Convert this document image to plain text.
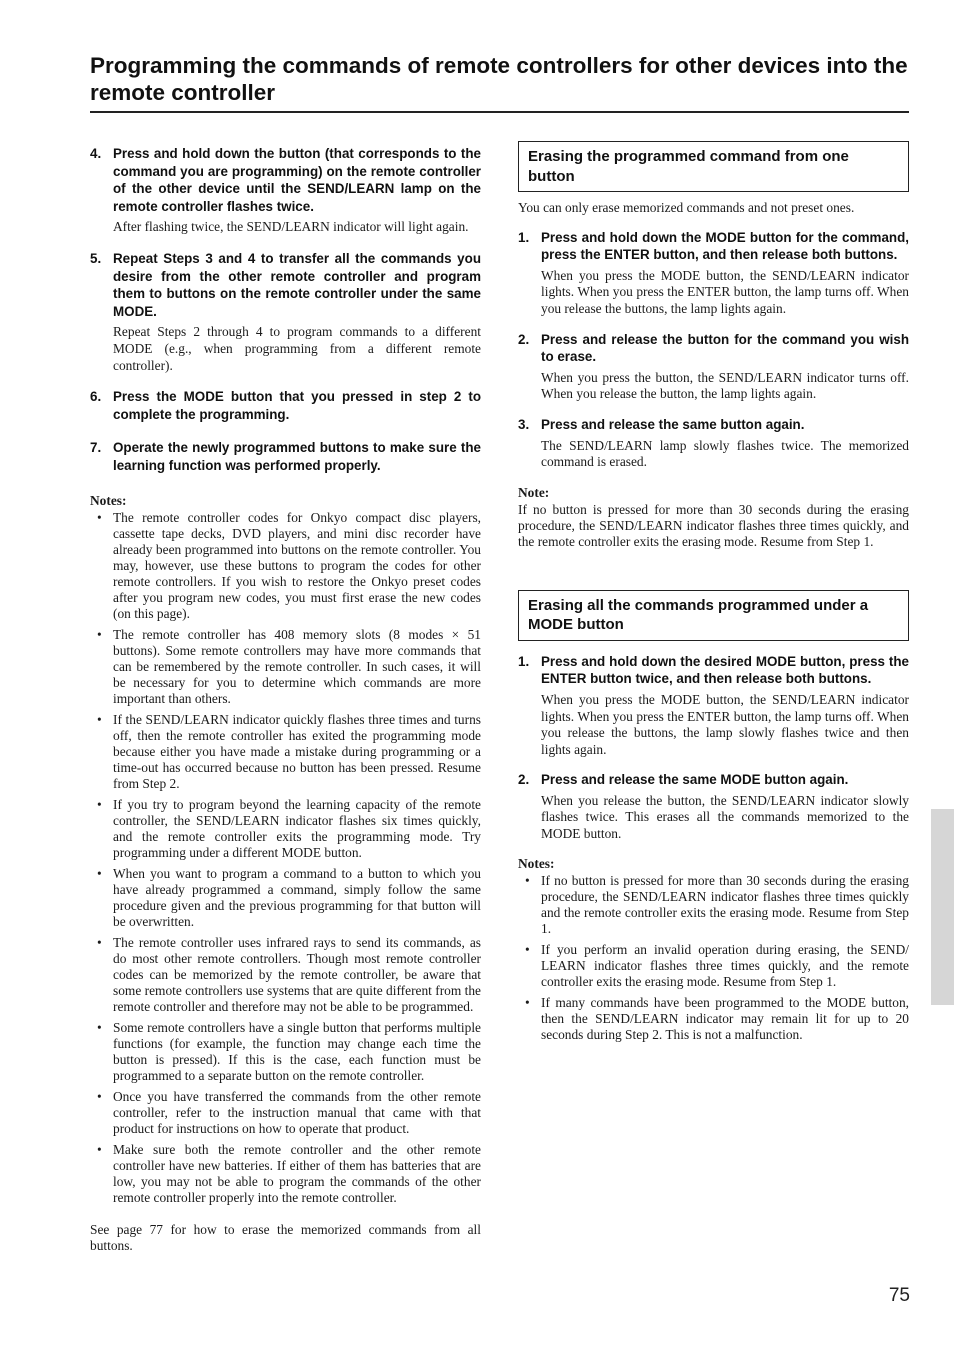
Programming the commands of remote controllers for other devices into the remote controller
4. Press and hold down the button (that corresponds to the command you are programming) on the remote controller of the other device until the SEND/LEARN lamp on the remote controller flashes twice.
After flashing twice, the SEND/LEARN indicator will light again.
5. Repeat Steps 3 and 4 to transfer all the commands you desire from the other remote controller and program them to buttons on the remote controller under the same MODE.
Repeat Steps 2 through 4 to program commands to a different MODE (e.g., when programming from a different remote controller).
6. Press the MODE button that you pressed in step 2 to complete the programming.
7. Operate the newly programmed buttons to make sure the learning function was performed properly.
Notes:
• The remote controller codes for Onkyo compact disc players, cassette tape decks, DVD players, and mini disc recorder have already been programmed into buttons on the remote controller. You may, however, use these buttons to program the codes for other remote controllers. If you wish to restore the Onkyo preset codes after you program new codes, you must first erase the new codes (on this page).
• The remote controller has 408 memory slots (8 modes × 51 buttons). Some remote controllers may have more commands that can be remembered by the remote controller. In such cases, it will be necessary for you to determine which commands are more important than others.
• If the SEND/LEARN indicator quickly flashes three times and turns off, then the remote controller has exited the programming mode because either you have made a mistake during programming or a time-out has occurred because no button has been pressed. Resume from Step 2.
• If you try to program beyond the learning capacity of the remote controller, the SEND/LEARN indicator flashes six times quickly, and the remote controller exits the programming mode. Try programming under a different MODE button.
• When you want to program a command to a button to which you have already programmed a command, simply follow the same procedure given and the previous programming for that button will be overwritten.
• The remote controller uses infrared rays to send its commands, as do most other remote controllers. Though most remote controller codes can be memorized by the remote controller, be aware that some remote controllers use systems that are quite different from the remote controller and therefore may not be able to be programmed.
• Some remote controllers have a single button that performs multiple functions (for example, the function may change each time the button is pressed). If this is the case, each function must be programmed to a separate button on the remote controller.
• Once you have transferred the commands from the other remote controller, refer to the instruction manual that came with that product for instructions on how to operate that product.
• Make sure both the remote controller and the other remote controller have new batteries. If either of them has batteries that are low, you may not be able to program the commands of the other remote controller properly into the remote controller.

See page 77 for how to erase the memorized commands from all buttons.

Erasing the programmed command from one button

You can only erase memorized commands and not preset ones.

1. Press and hold down the MODE button for the command, press the ENTER button, and then release both buttons.
When you press the MODE button, the SEND/LEARN indicator lights. When you press the ENTER button, the lamp turns off. When you release the buttons, the lamp lights again.
2. Press and release the button for the command you wish to erase.
When you press the button, the SEND/LEARN indicator turns off. When you release the button, the lamp lights again.
3. Press and release the same button again.
The SEND/LEARN lamp slowly flashes twice. The memorized command is erased.
Note:

If no button is pressed for more than 30 seconds during the erasing procedure, the SEND/LEARN indicator flashes three times quickly, and the remote controller exits the erasing mode. Resume from Step 1.

Erasing all the commands programmed under a MODE button
1. Press and hold down the desired MODE button, press the ENTER button twice, and then release both buttons.
When you press the MODE button, the SEND/LEARN indicator lights. When you press the ENTER button, the lamp turns off. When you release the buttons, the lamp slowly flashes twice and then lights again.
2. Press and release the same MODE button again.
When you release the button, the SEND/LEARN indicator slowly flashes twice. This erases all the commands memorized to the MODE button.
Notes:
• If no button is pressed for more than 30 seconds during the erasing procedure, the SEND/LEARN indicator flashes three times quickly and the remote controller exits the erasing mode. Resume from Step 1.
• If you perform an invalid operation during erasing, the SEND/ LEARN indicator flashes three times quickly, and the remote controller exits the erasing mode. Resume from Step 1.
• If many commands have been programmed to the MODE button, then the SEND/LEARN indicator may remain lit for up to 20 seconds during Step 2. This is not a malfunction.
75
